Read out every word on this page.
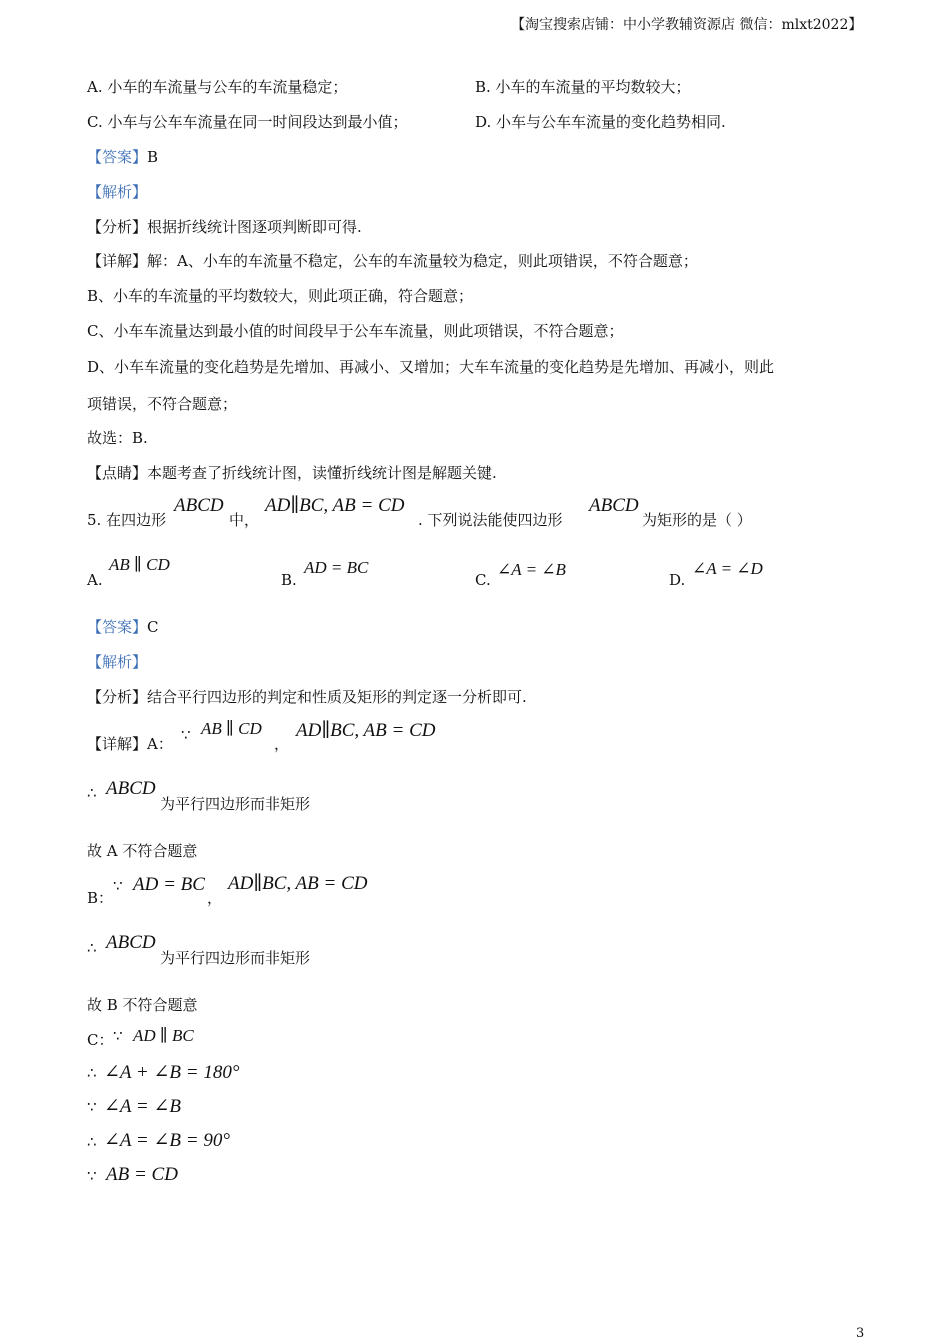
【淘宝搜索店铺：中小学教辅资源店 微信：mlxt2022】
A. 小车的车流量与公车的车流量稳定；	B. 小车的车流量的平均数较大；
C. 小车与公车车流量在同一时间段达到最小值；	D. 小车与公车车流量的变化趋势相同.
【答案】B
【解析】
【分析】根据折线统计图逐项判断即可得.
【详解】解：A、小车的车流量不稳定，公车的车流量较为稳定，则此项错误，不符合题意；
B、小车的车流量的平均数较大，则此项正确，符合题意；
C、小车车流量达到最小值的时间段早于公车车流量，则此项错误，不符合题意；
D、小车车流量的变化趋势是先增加、再减小、又增加；大车车流量的变化趋势是先增加、再减小，则此
项错误，不符合题意；
故选：B.
【点睛】本题考查了折线统计图，读懂折线统计图是解题关键.
5. 在四边形
ABCD
中，
AD∥BC, AB = CD
. 下列说法能使四边形
ABCD
为矩形的是（ ）
A.
AB ∥ CD
B.
AD = BC
C.
∠A = ∠B
D.
∠A = ∠D
【答案】C
【解析】
【分析】结合平行四边形的判定和性质及矩形的判定逐一分析即可.
【详解】A： ∵ AB ∥ CD
，
AD∥BC, AB = CD
∴ ABCD
为平行四边形而非矩形
故 A 不符合题意
B：
∵ AD = BC
，
AD∥BC, AB = CD
∴ ABCD
为平行四边形而非矩形
故 B 不符合题意
C： ∵ AD ∥ BC
∴ ∠A + ∠B = 180°
∵ ∠A = ∠B
∴ ∠A = ∠B = 90°
∵ AB = CD
3
